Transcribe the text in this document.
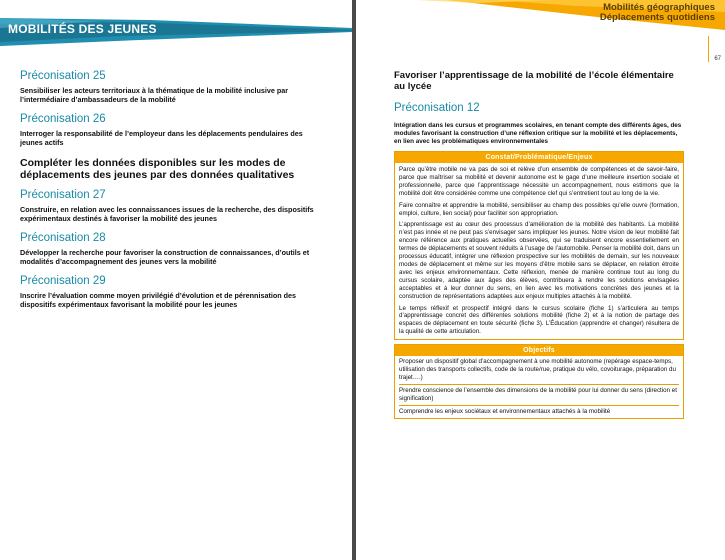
MOBILITÉS DES JEUNES
Préconisation 25
Sensibiliser les acteurs territoriaux à la thématique de la mobilité inclusive par l’intermédiaire d’ambassadeurs de la mobilité
Préconisation 26
Interroger la responsabilité de l’employeur dans les déplacements pendulaires des jeunes actifs
Compléter les données disponibles sur les modes de déplacements des jeunes par des données qualitatives
Préconisation 27
Construire, en relation avec les connaissances issues de la recherche, des dispositifs expérimentaux destinés à favoriser la mobilité des jeunes
Préconisation 28
Développer la recherche pour favoriser la construction de connaissances, d’outils et modalités d’accompagnement des jeunes vers la mobilité
Préconisation 29
Inscrire l’évaluation comme moyen privilégié d’évolution et de pérennisation des dispositifs expérimentaux favorisant la mobilité pour les jeunes
Mobilités géographiques
Déplacements quotidiens
67
Favoriser l’apprentissage de la mobilité de l’école élémentaire au lycée
Préconisation 12
Intégration dans les cursus et programmes scolaires, en tenant compte des différents âges, des modules favorisant la construction d’une réflexion critique sur la mobilité et les déplacements, en lien avec les problématiques environnementales
Constat/Problématique/Enjeux

Parce qu’être mobile ne va pas de soi et relève d’un ensemble de compétences et de savoir-faire, parce que maîtriser sa mobilité et devenir autonome est le gage d’une meilleure insertion sociale et professionnelle, parce que l’apprentissage nécessite un accompagnement, nous estimons que la mobilité doit être considérée comme une compétence clef qui s’entretient tout au long de la vie.

Faire connaître et apprendre la mobilité, sensibiliser au champ des possibles qu’elle ouvre (formation, emploi, culture, lien social) pour faciliter son appropriation.

L’apprentissage est au cœur des processus d’amélioration de la mobilité des habitants. La mobilité n’est pas innée et ne peut pas s’envisager sans impliquer les jeunes. Notre vision de leur mobilité fait encore référence aux pratiques actuelles observées, qui se traduisent encore essentiellement en termes de déplacements et souvent réduits à l’usage de l’automobile. Penser la mobilité doit, dans un processus éducatif, intégrer une réflexion prospective sur les mobilités de demain, sur les nouveaux modes de déplacement et même sur les moyens d’être mobile sans se déplacer, en relation étroite avec les enjeux environnementaux. Cette réflexion, menée de manière continue tout au long du cursus scolaire, adaptée aux âges des élèves, contribuera à rendre les solutions envisagées acceptables et à leur donner du sens, en lien avec les motivations concrètes des jeunes et la construction de représentations adaptées aux enjeux multiples attachés à la mobilité.

Le temps réflexif et prospectif intégré dans le cursus scolaire (fiche 1) s’articulera au temps d’apprentissage concret des différentes solutions mobilité (fiche 2) et à la notion de partage des espaces de déplacement en toute sécurité (fiche 3). L’Éducation (apprendre et changer) résultera de la qualité de cette articulation.

Objectifs

Proposer un dispositif global d’accompagnement à une mobilité autonome (repérage espace-temps, utilisation des transports collectifs, code de la route/rue, pratique du vélo, covoiturage, préparation du trajet….)

Prendre conscience de l’ensemble des dimensions de la mobilité pour lui donner du sens (direction et signification)

Comprendre les enjeux sociétaux et environnementaux attachés à la mobilité
